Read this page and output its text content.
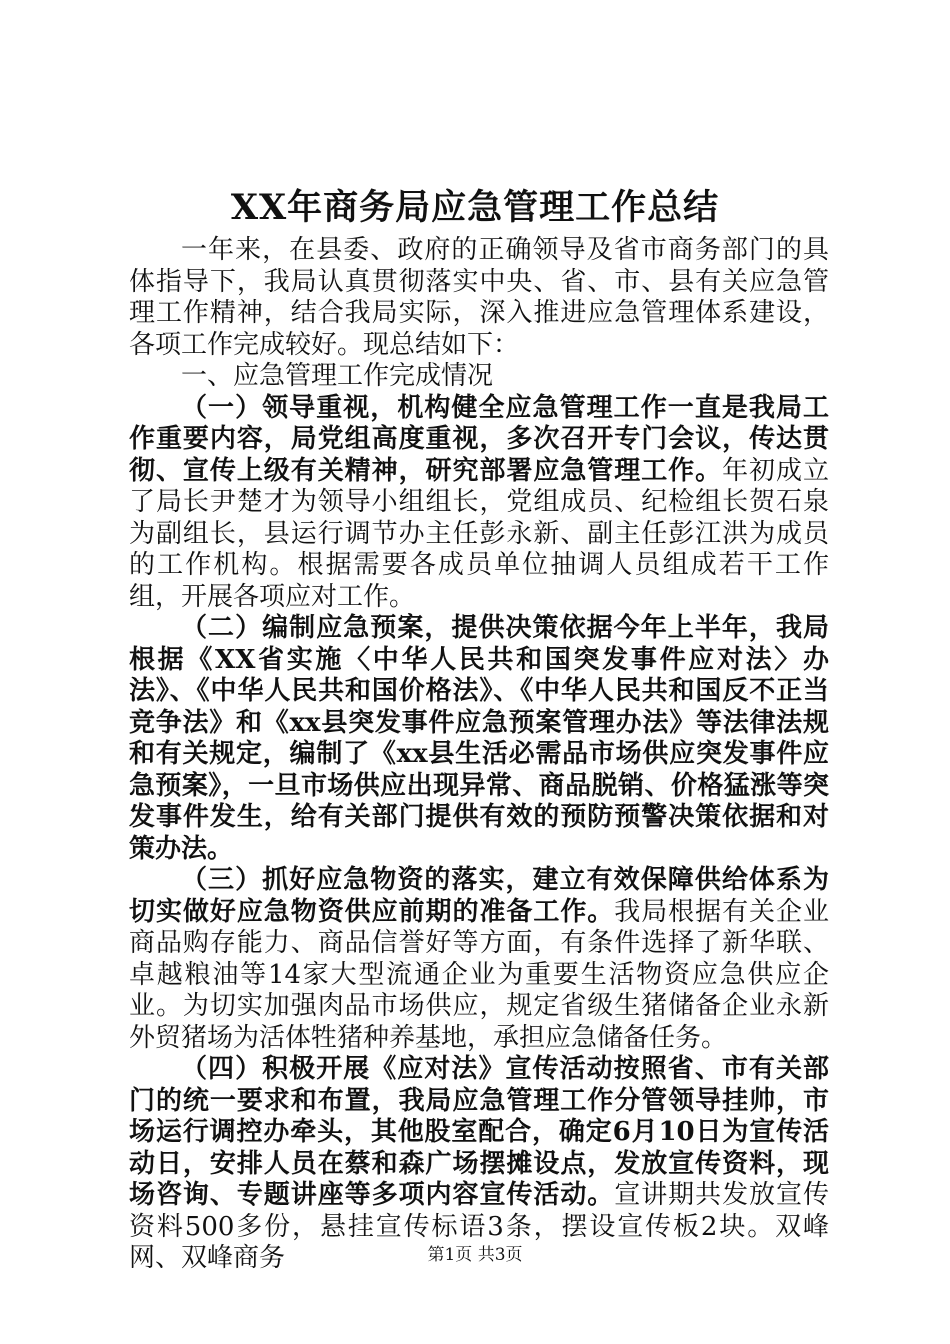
XX年商务局应急管理工作总结

一年来，在县委、政府的正确领导及省市商务部门的具体指导下，我局认真贯彻落实中央、省、市、县有关应急管理工作精神，结合我局实际，深入推进应急管理体系建设，各项工作完成较好。现总结如下：

一、应急管理工作完成情况

（一）领导重视，机构健全应急管理工作一直是我局工作重要内容，局党组高度重视，多次召开专门会议，传达贯彻、宣传上级有关精神，研究部署应急管理工作。年初成立了局长尹楚才为领导小组组长，党组成员、纪检组长贺石泉为副组长，县运行调节办主任彭永新、副主任彭江洪为成员的工作机构。根据需要各成员单位抽调人员组成若干工作组，开展各项应对工作。

（二）编制应急预案，提供决策依据今年上半年，我局根据《XX省实施〈中华人民共和国突发事件应对法〉办法》、《中华人民共和国价格法》、《中华人民共和国反不正当竞争法》和《xx县突发事件应急预案管理办法》等法律法规和有关规定，编制了《xx县生活必需品市场供应突发事件应急预案》，一旦市场供应出现异常、商品脱销、价格猛涨等突发事件发生，给有关部门提供有效的预防预警决策依据和对策办法。

（三）抓好应急物资的落实，建立有效保障供给体系为切实做好应急物资供应前期的准备工作。我局根据有关企业商品购存能力、商品信誉好等方面，有条件选择了新华联、卓越粮油等14家大型流通企业为重要生活物资应急供应企业。为切实加强肉品市场供应，规定省级生猪储备企业永新外贸猪场为活体牲猪种养基地，承担应急储备任务。

（四）积极开展《应对法》宣传活动按照省、市有关部门的统一要求和布置，我局应急管理工作分管领导挂帅，市场运行调控办牵头，其他股室配合，确定6月10日为宣传活动日，安排人员在蔡和森广场摆摊设点，发放宣传资料，现场咨询、专题讲座等多项内容宣传活动。宣讲期共发放宣传资料500多份，悬挂宣传标语3条，摆设宣传板2块。双峰网、双峰商务	第1页 共3页
